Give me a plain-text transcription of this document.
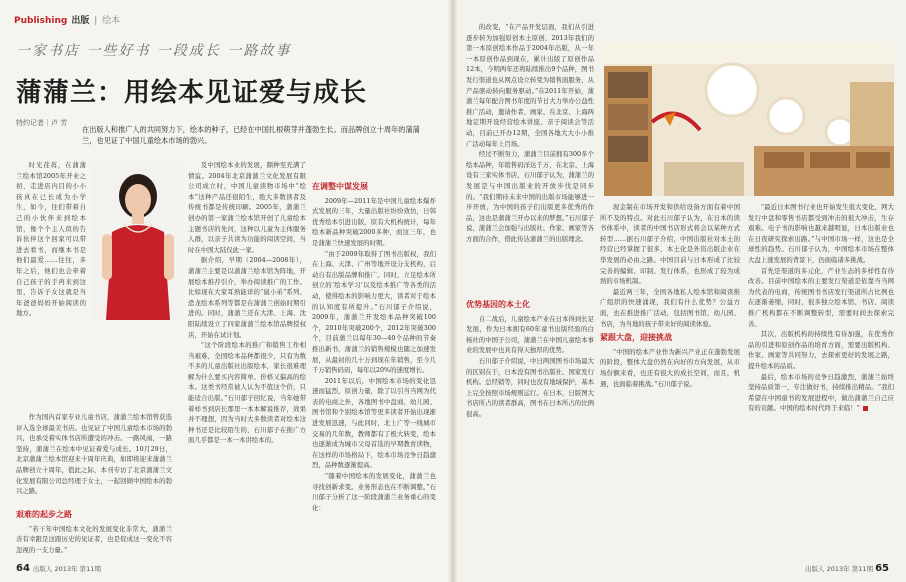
Publishing 出版 | 绘本
一家书店 一些好书 一段成长 一路故事
蒲蒲兰：用绘本见证爱与成长
特约记者｜卢 芳
在出版人和推广人的共同努力下，绘本的种子，已经在中国扎根萌芽并蓬勃生长。而品牌创立十周年的蒲蒲兰，也见证了中国儿童绘本市场的勃兴。

时光荏苒，在蒲蒲兰绘本馆2005年开业之初，走进店内目的小小孩真在已长成为小学生，如今，往们带着自己的小伙伴来到绘本馆，像个个主人似的告诉伙伴这个回家可以带进去看书，而继本书是他们最爱……往往，多年之后，他们也会牵着自己孩子的手再来到这里，告诉子女这就是当年爸爸妈妈开始阅读的地方。

作为国内首家专业儿童书店，蒲蒲兰绘本馆曾获选评入选全球最美书店。也见证了中国儿童绘本市场的勃兴，也承受着实体书店所遭受的冲击。一路风雨，一路坚持，蒲蒲兰在绘本中见证着爱与成长。10月29日，北京蒲蒲兰绘本馆迎来十周年庆典，如即将迎来蒲蒲兰品牌创立十周年，值此之际，本刊专访了北京蒲蒲兰文化发展有限公司总经理于女士，一起回顾中国绘本的勃兴之路。

艰难的起步之路

“若干年中国绘本文化的发展变化非常大，蒲蒲兰善有幸跟是这跟历史的见证者，也是促成这一变化不容忽视的一支力量。”

及中国绘本业的发展，颇种至充满了情谊。2004年北京蒲蒲兰文化发展有限公司成立时，中国儿童读物市场中“绘本”这种产品还很陌生，绝大多数读者及传统书都是传统印刷。2005年，蒲蒲兰创办的第一家蒲兰绘本馆开创了儿童绘本主题书店的先河，这种以儿童为主体服务人群，以亲子共读为功能的阅读空间，当时在中国大陆仅此一家。

据介绍，早期（2004—2008年），蒲蒲兰主要是以蒲蒲兰绘本馆为阵地，开展绘本推荐引介，举办阅读推广的工作。比如现在大家耳熟能详的“鼠小弟”系列、恐龙绘本系列等都是在蒲蒲兰创始时期引进的。同时，蒲蒲兰还在大津、上海、沈阳陆续设立了四家蒲蒲兰绘本馆品牌授权店，开始在试计划。

“这个阶段绘本的推广和销售工作相当艰难，全国绘本品种都很少，只有为数不多的儿童出版社出版绘本，家长很难理解为什么要买内容简单、价格又偏高的绘本。这类书经常被人认为不值这个价，只能适合出版。”石川郁子回忆说，当年她带着样书到店长那里一本本解说推荐，效果并不理想，因为当时大多数读者对绘本这种书还是比较陌生的，石川郁子在推广方面几乎都是一本一本讲绘本的。

在调整中谋发展

2009年—2011年是中国儿童绘本爆炸式发展的三年，大量出版社纷纷效仿，日韩优秀绘本引进出版，原有大机构统计，每年绘本新品种突破2000多种，而这三年，也是蒲蒲兰快速发展的时期。

“由于2009年取得了图书出版权，我们在上海、天津、广州等地开设分支机构，启动自有出版品牌和推广。同时，立足绘本所创立的‘绘本学习’以及绘本推广等各类的活动，使得绘本的影响力更大，读者对于绘本的认知度有所提升。”石川郁子介绍说，2009年，蒲蒲兰开发绘本品种突破100个，2010年突破200个，2012年突破300个，目前蒲兰以每年30—40个品种的节奏推出新书，蒲蒲兰的销售规模也随之加速发展，从最初的几十万到现在年销售，至今几千万销售码码，每年以20%的速度增长。

2011年以后，中国绘本市场的变化迅速而猛烈，原创力量，除了以引当当网为代表的电商之外，各地图书中盘商、幼儿园、图书馆和个别绘本馆等更多读者开始出现渐进发展迅速，与此同时，北上广等一线城市交易的几年数，教师都有了极大转变，绘本也逐渐成为城市父母首选的早期教育读物，在这样的市场格局下，绘本市场竞争日趋激烈，品种数逐渐提高。

“随着中国绘本的发展变化，蒲蒲兰也寻找创新求变。业务形态也在不断调整。”石川郁子分析了这一阶段蒲蒲兰业务重心的变化：

64 出版人 2013年 第11期

的改变，“在产品开发层面，我们从引进逐步转为加强原创本土原创，2013年我们的第一本原创绘本作品于2004年出版，从一年一本原创作品到现在，累计出版了原创作品12本，今明两年还将陆续推出9个品种，图书发行渠道也从网点设立转变为销售面服务，从产品驱动转向服务驱动。”在2011年开始，蒲蒲兰每年配合图书年度的节日大力举办公益性推广活动，邀请作者、画家、在北京、上海两地定期开设经营绘本讲座、亲子阅读会等活动，目前已开办12期，全国各地大大小小推广活动每年上百场。

经过不断努力，蒲蒲兰目前拥有300多个绘本品种，年销售码洋达千万，在北京、上海设有三家实体书店，石川郁子认为，蒲蒲兰的发展是与中国出版业的开放步伐是同步的。“我们期待未来中国的出版市场能够进一步开放，为中国的孩子们出版更多优秀的作品，这也是蒲蒲兰开办以来的梦想。”石川郁子说，蒲蒲兰会加强与出版社、作家、画家等各方面的合作，借此传达蒲蒲兰的出版理念。

优势基因的本土化

自二战后，儿童绘本产业在日本得到长足发展，作为日本拥有60年童书出版经验的白杨社的中国子公司，蒲蒲兰在中国儿童绘本事业的发展中也具有得天独厚的优势。

石川郁子介绍说，中日两国图书市场最大的区别在于，日本没有图书出版社、国家发行机构。总经销等，同时也没有地域保护，基本上完全按照市场规则运行。在日本，日版图大书店所占的读者群高，图书在日本所占的比例很高。

现金制在市场开发和供给设备方面有着中国所不及的特点。对此石川郁子认为，在日本的读书体系中，读者的中国书店形式将会以某种方式转型……据石川郁子介绍，中国出版社对本土的经营已经掌握了很多，本土化是外资出版企业在华发展的必由之路。中国目前与日本形成了比较完善的编辑、印制、发行体系，也形成了较为成熟的市场机制。

最近两三年，全国各地私人绘本馆和阅读推广组织的快速涌现，我们有什么优势？公益方面，也在推进推广活动，包括图书馆、幼儿园、书店，为当地的孩子带来好的阅读体验。

紧跟大盘，迎接挑战

“中国的绘本产业作为新兴产业正在蓬勃发展的阶段，整体大盘仍然在向好的方向发展，从市场份额来看，也还有很大的成长空间，而且，机遇，也面临着挑战。”石川郁子说。

“最近日本图书行业也开始发生很大变化，网大发行中盘和零售书店都受到冲击的很大冲击，生存艰难。电子书的影响也越来越明显，日本出版业也在日夜研究探索出路。”与中国市场一样，这也是全球性的趋势。石川郁子认为，中国绘本市场在整体大盘上涨发展的背景下，仍面临诸多挑战。

首先是渠道的多元化，产业生态的多样性有待改善。目前中国绘本的主要发行渠道是依靠当当网为代表的电商，传统图书书店发行渠道所占比例也在逐渐萎缩，同时，很多独立绘本馆、书店、阅读推广机构都在不断调整转型，需要时间去探索完善。

其次，出版机构的持续性有待加强，在优秀作品的引进和原创作品的培育方面，需要出版机构、作家、画家等共同努力，去探索更好的发展之路，提升绘本的品质。

最后，绘本市场的竞争日趋激烈，蒲蒲兰始终坚持品质第一，专注做好书，持续推出精品。“我们希望在中国童书的发展进程中，做出蒲蒲兰自己应有的贡献。中国的绘本时代终于来临！”

出版人 2013年 第11期 65
